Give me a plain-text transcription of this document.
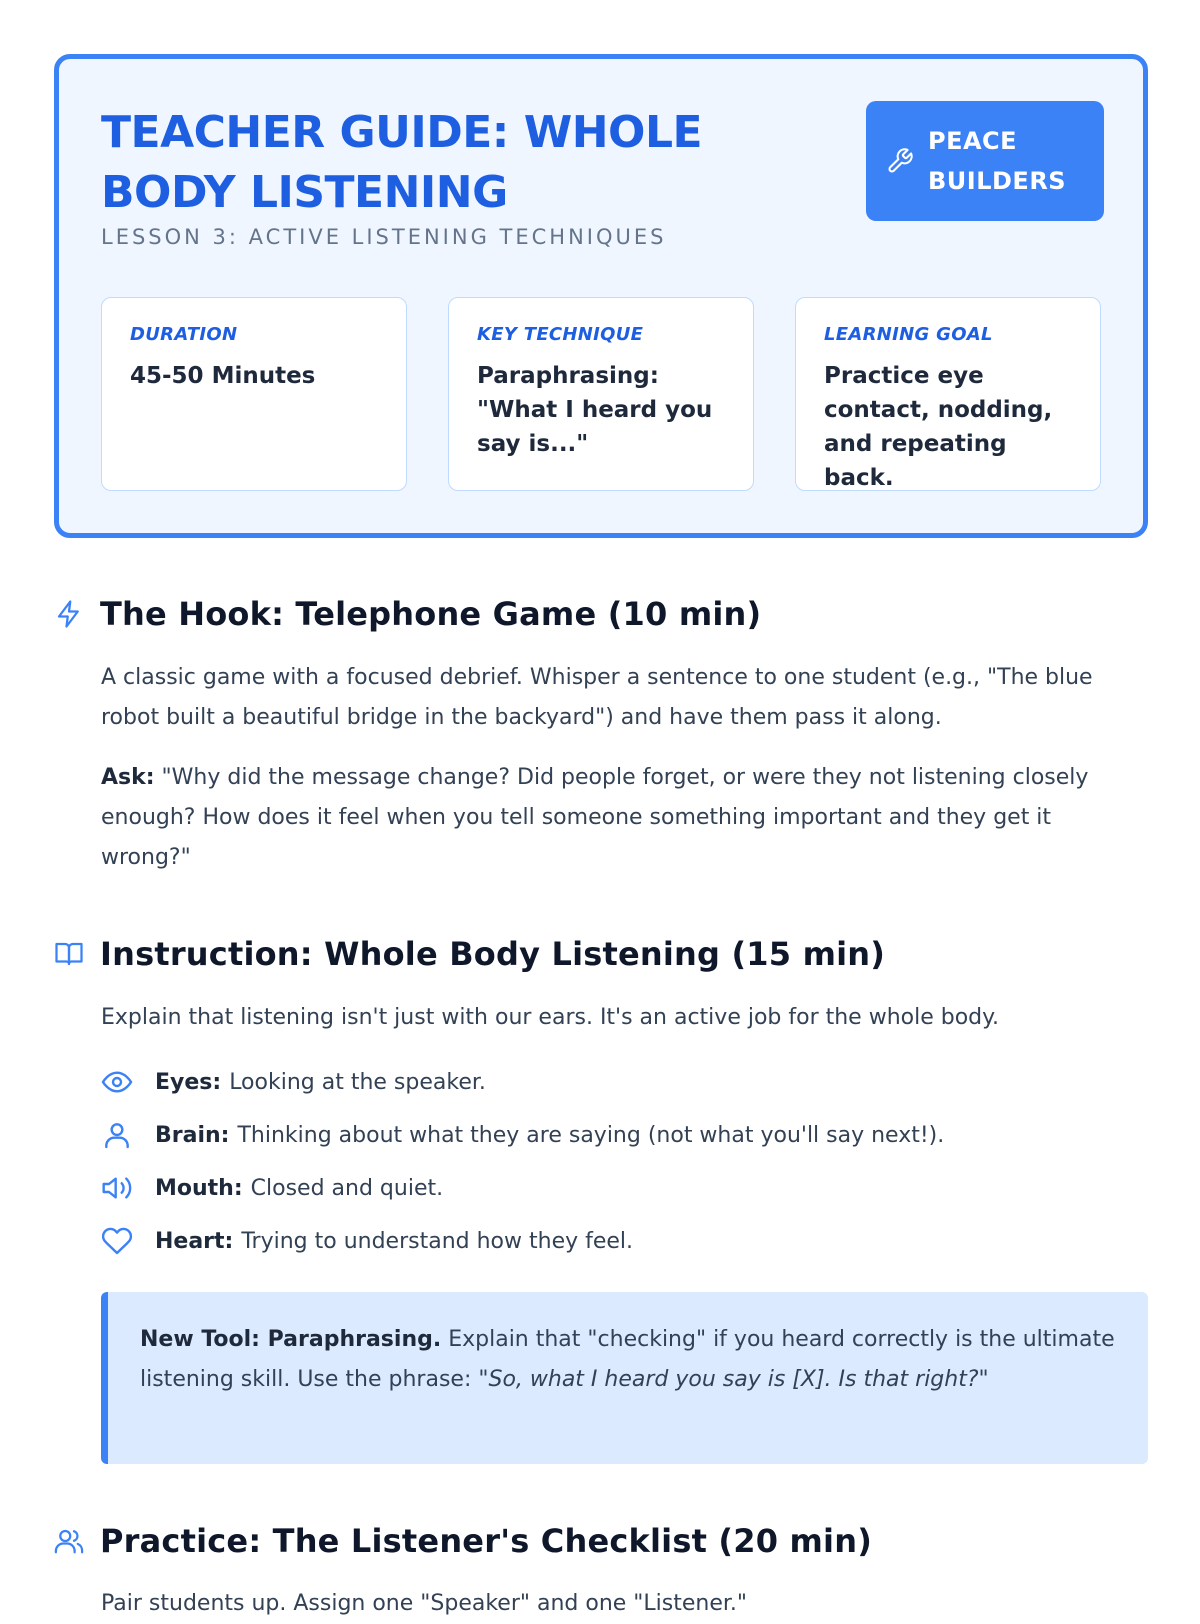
TEACHER GUIDE: WHOLE BODY LISTENING
LESSON 3: ACTIVE LISTENING TECHNIQUES
PEACE BUILDERS
DURATION
45-50 Minutes
KEY TECHNIQUE
Paraphrasing: "What I heard you say is..."
LEARNING GOAL
Practice eye contact, nodding, and repeating back.
The Hook: Telephone Game (10 min)
A classic game with a focused debrief. Whisper a sentence to one student (e.g., "The blue robot built a beautiful bridge in the backyard") and have them pass it along.
Ask: "Why did the message change? Did people forget, or were they not listening closely enough? How does it feel when you tell someone something important and they get it wrong?"
Instruction: Whole Body Listening (15 min)
Explain that listening isn't just with our ears. It's an active job for the whole body.
Eyes: Looking at the speaker.
Brain: Thinking about what they are saying (not what you'll say next!).
Mouth: Closed and quiet.
Heart: Trying to understand how they feel.
New Tool: Paraphrasing. Explain that "checking" if you heard correctly is the ultimate listening skill. Use the phrase: "So, what I heard you say is [X]. Is that right?"
Practice: The Listener's Checklist (20 min)
Pair students up. Assign one "Speaker" and one "Listener."
